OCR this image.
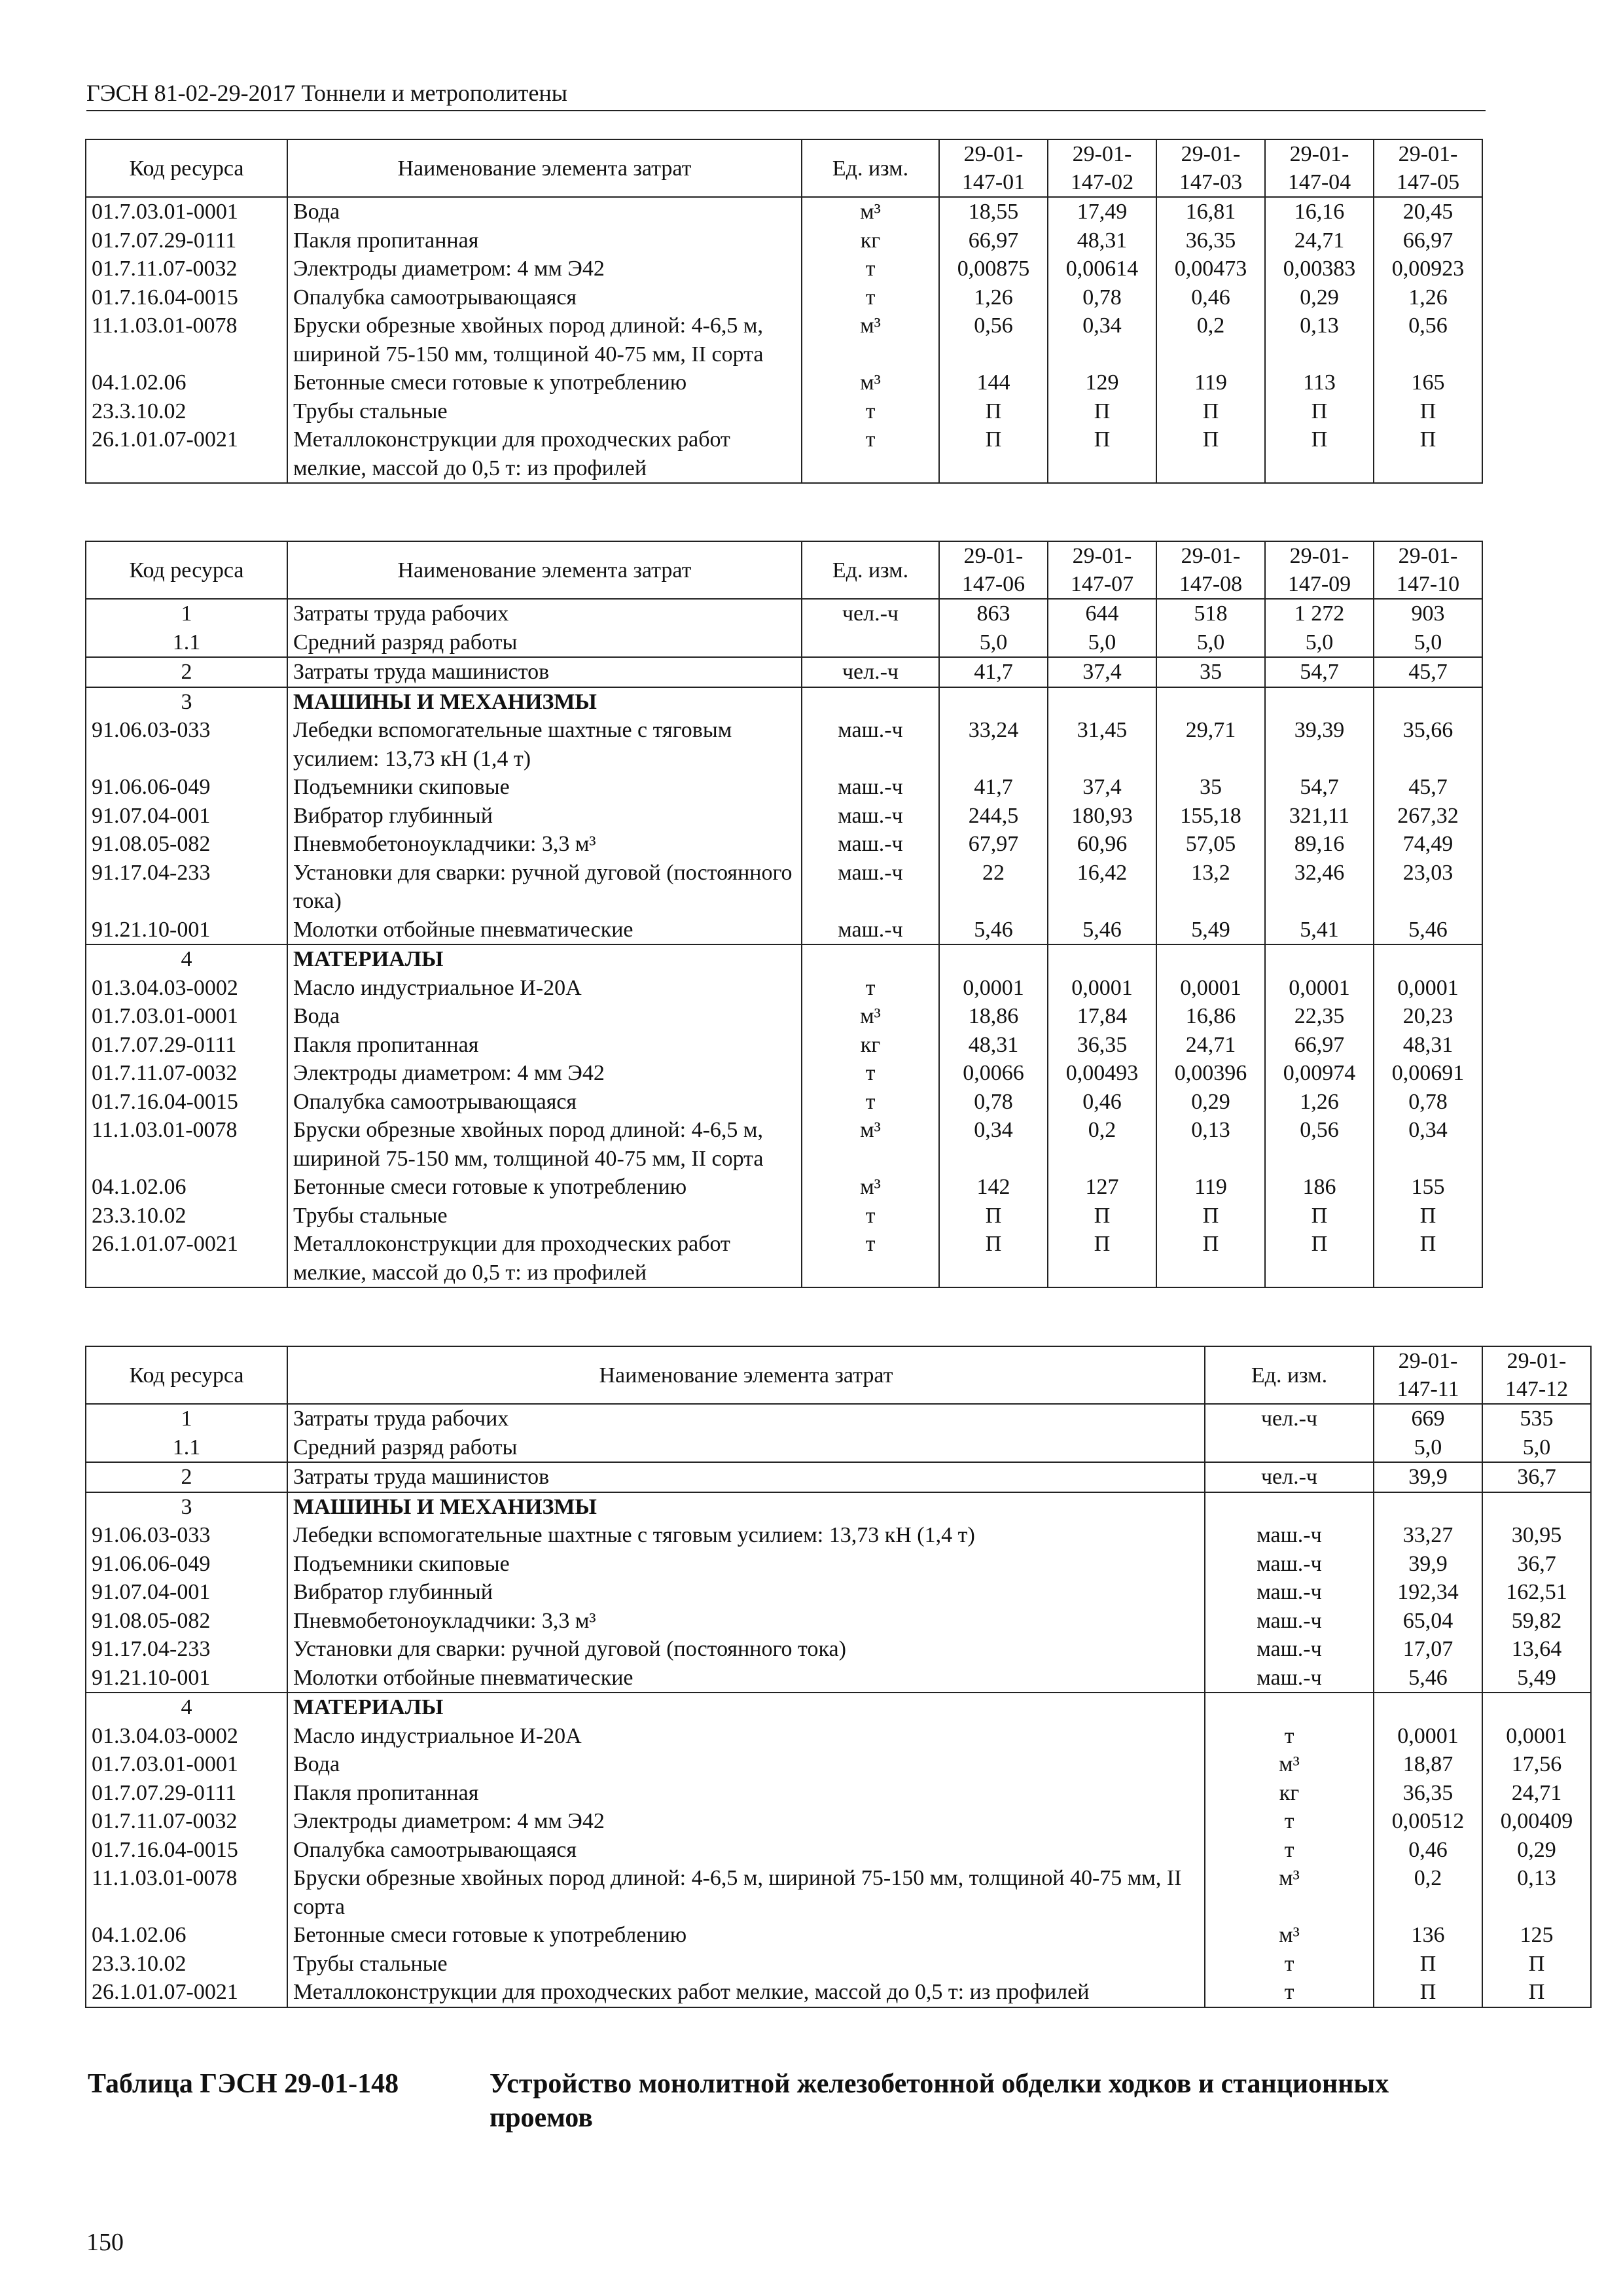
ГЭСН 81-02-29-2017 Тоннели и метрополитены
Код ресурса	Наименование элемента затрат	Ед. изм.	29-01-147-01	29-01-147-02	29-01-147-03	29-01-147-04	29-01-147-05
01.7.03.01-0001	Вода	м³	18,55	17,49	16,81	16,16	20,45
01.7.07.29-0111	Пакля пропитанная	кг	66,97	48,31	36,35	24,71	66,97
01.7.11.07-0032	Электроды диаметром: 4 мм Э42	т	0,00875	0,00614	0,00473	0,00383	0,00923
01.7.16.04-0015	Опалубка самоотрывающаяся	т	1,26	0,78	0,46	0,29	1,26
11.1.03.01-0078	Бруски обрезные хвойных пород длиной: 4-6,5 м, шириной 75-150 мм, толщиной 40-75 мм, II сорта	м³	0,56	0,34	0,2	0,13	0,56
04.1.02.06	Бетонные смеси готовые к употреблению	м³	144	129	119	113	165
23.3.10.02	Трубы стальные	т	П	П	П	П	П
26.1.01.07-0021	Металлоконструкции для проходческих работ мелкие, массой до 0,5 т: из профилей	т	П	П	П	П	П
Код ресурса	Наименование элемента затрат	Ед. изм.	29-01-147-06	29-01-147-07	29-01-147-08	29-01-147-09	29-01-147-10
1	Затраты труда рабочих	чел.-ч	863	644	518	1 272	903
1.1	Средний разряд работы		5,0	5,0	5,0	5,0	5,0
2	Затраты труда машинистов	чел.-ч	41,7	37,4	35	54,7	45,7
3	МАШИНЫ И МЕХАНИЗМЫ						
91.06.03-033	Лебедки вспомогательные шахтные с тяговым усилием: 13,73 кН (1,4 т)	маш.-ч	33,24	31,45	29,71	39,39	35,66
91.06.06-049	Подъемники скиповые	маш.-ч	41,7	37,4	35	54,7	45,7
91.07.04-001	Вибратор глубинный	маш.-ч	244,5	180,93	155,18	321,11	267,32
91.08.05-082	Пневмобетоноукладчики: 3,3 м³	маш.-ч	67,97	60,96	57,05	89,16	74,49
91.17.04-233	Установки для сварки: ручной дуговой (постоянного тока)	маш.-ч	22	16,42	13,2	32,46	23,03
91.21.10-001	Молотки отбойные пневматические	маш.-ч	5,46	5,46	5,49	5,41	5,46
4	МАТЕРИАЛЫ						
01.3.04.03-0002	Масло индустриальное И-20А	т	0,0001	0,0001	0,0001	0,0001	0,0001
01.7.03.01-0001	Вода	м³	18,86	17,84	16,86	22,35	20,23
01.7.07.29-0111	Пакля пропитанная	кг	48,31	36,35	24,71	66,97	48,31
01.7.11.07-0032	Электроды диаметром: 4 мм Э42	т	0,0066	0,00493	0,00396	0,00974	0,00691
01.7.16.04-0015	Опалубка самоотрывающаяся	т	0,78	0,46	0,29	1,26	0,78
11.1.03.01-0078	Бруски обрезные хвойных пород длиной: 4-6,5 м, шириной 75-150 мм, толщиной 40-75 мм, II сорта	м³	0,34	0,2	0,13	0,56	0,34
04.1.02.06	Бетонные смеси готовые к употреблению	м³	142	127	119	186	155
23.3.10.02	Трубы стальные	т	П	П	П	П	П
26.1.01.07-0021	Металлоконструкции для проходческих работ мелкие, массой до 0,5 т: из профилей	т	П	П	П	П	П
Код ресурса	Наименование элемента затрат	Ед. изм.	29-01-147-11	29-01-147-12
1	Затраты труда рабочих	чел.-ч	669	535
1.1	Средний разряд работы		5,0	5,0
2	Затраты труда машинистов	чел.-ч	39,9	36,7
3	МАШИНЫ И МЕХАНИЗМЫ			
91.06.03-033	Лебедки вспомогательные шахтные с тяговым усилием: 13,73 кН (1,4 т)	маш.-ч	33,27	30,95
91.06.06-049	Подъемники скиповые	маш.-ч	39,9	36,7
91.07.04-001	Вибратор глубинный	маш.-ч	192,34	162,51
91.08.05-082	Пневмобетоноукладчики: 3,3 м³	маш.-ч	65,04	59,82
91.17.04-233	Установки для сварки: ручной дуговой (постоянного тока)	маш.-ч	17,07	13,64
91.21.10-001	Молотки отбойные пневматические	маш.-ч	5,46	5,49
4	МАТЕРИАЛЫ			
01.3.04.03-0002	Масло индустриальное И-20А	т	0,0001	0,0001
01.7.03.01-0001	Вода	м³	18,87	17,56
01.7.07.29-0111	Пакля пропитанная	кг	36,35	24,71
01.7.11.07-0032	Электроды диаметром: 4 мм Э42	т	0,00512	0,00409
01.7.16.04-0015	Опалубка самоотрывающаяся	т	0,46	0,29
11.1.03.01-0078	Бруски обрезные хвойных пород длиной: 4-6,5 м, шириной 75-150 мм, толщиной 40-75 мм, II сорта	м³	0,2	0,13
04.1.02.06	Бетонные смеси готовые к употреблению	м³	136	125
23.3.10.02	Трубы стальные	т	П	П
26.1.01.07-0021	Металлоконструкции для проходческих работ мелкие, массой до 0,5 т: из профилей	т	П	П
Таблица ГЭСН 29-01-148	Устройство монолитной железобетонной обделки ходков и станционных проемов
150
